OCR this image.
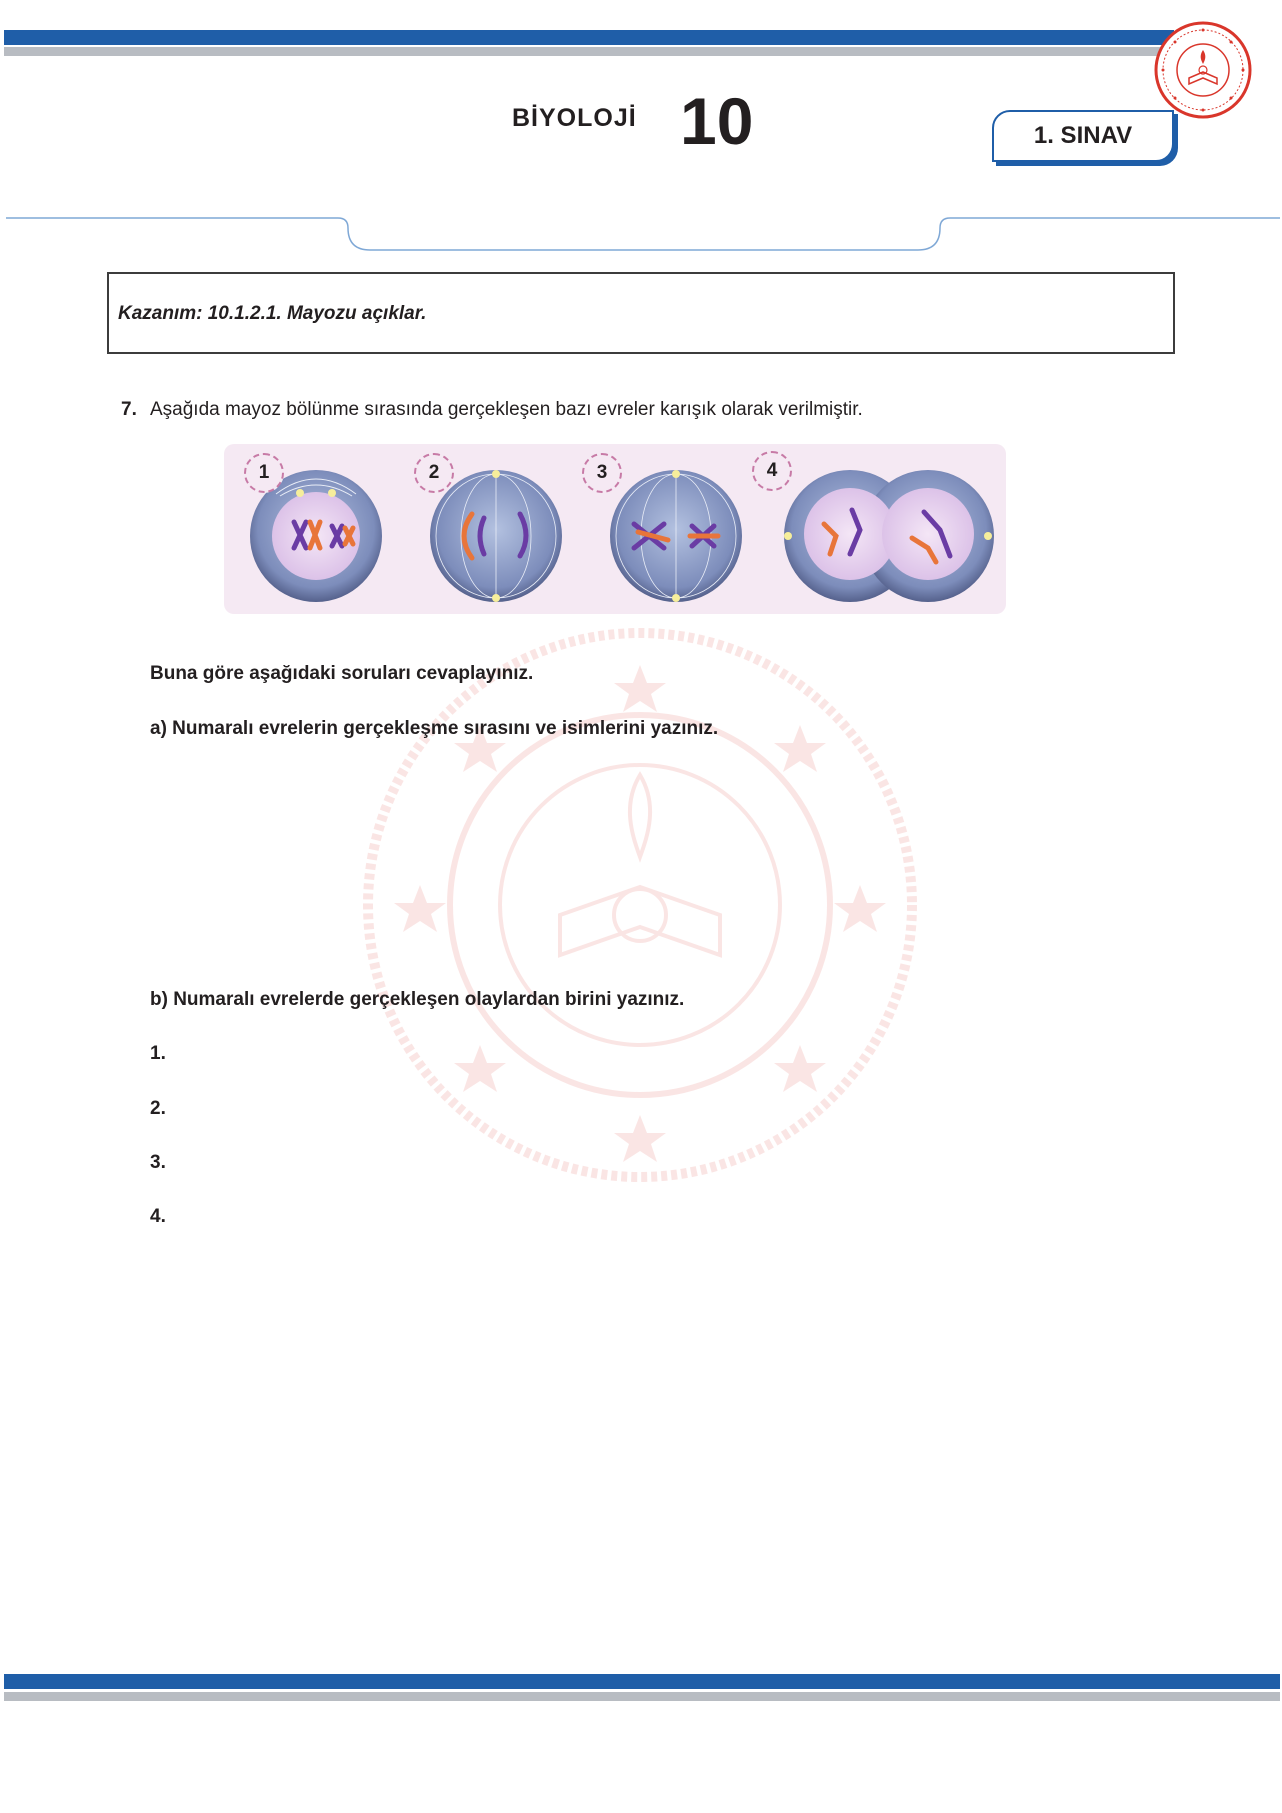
BİYOLOJİ 10	1. SINAV
Kazanım: 10.1.2.1. Mayozu açıklar.
7. Aşağıda mayoz bölünme sırasında gerçekleşen bazı evreler karışık olarak verilmiştir.
1	2	3	4
Buna göre aşağıdaki soruları cevaplayınız.
a) Numaralı evrelerin gerçekleşme sırasını ve isimlerini yazınız.
b) Numaralı evrelerde gerçekleşen olaylardan birini yazınız.
1.
2.
3.
4.
